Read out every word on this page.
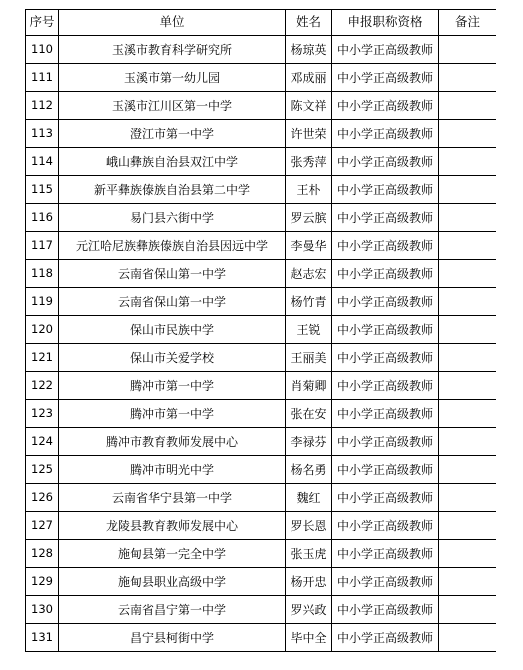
序号	单位	姓名	申报职称资格	备注
110	玉溪市教育科学研究所	杨琼英	中小学正高级教师	
111	玉溪市第一幼儿园	邓成丽	中小学正高级教师	
112	玉溪市江川区第一中学	陈文祥	中小学正高级教师	
113	澄江市第一中学	许世荣	中小学正高级教师	
114	峨山彝族自治县双江中学	张秀萍	中小学正高级教师	
115	新平彝族傣族自治县第二中学	王朴	中小学正高级教师	
116	易门县六街中学	罗云膑	中小学正高级教师	
117	元江哈尼族彝族傣族自治县因远中学	李曼华	中小学正高级教师	
118	云南省保山第一中学	赵志宏	中小学正高级教师	
119	云南省保山第一中学	杨竹青	中小学正高级教师	
120	保山市民族中学	王锐	中小学正高级教师	
121	保山市关爱学校	王丽美	中小学正高级教师	
122	腾冲市第一中学	肖菊卿	中小学正高级教师	
123	腾冲市第一中学	张在安	中小学正高级教师	
124	腾冲市教育教师发展中心	李禄芬	中小学正高级教师	
125	腾冲市明光中学	杨名勇	中小学正高级教师	
126	云南省华宁县第一中学	魏红	中小学正高级教师	
127	龙陵县教育教师发展中心	罗长恩	中小学正高级教师	
128	施甸县第一完全中学	张玉虎	中小学正高级教师	
129	施甸县职业高级中学	杨开忠	中小学正高级教师	
130	云南省昌宁第一中学	罗兴政	中小学正高级教师	
131	昌宁县柯街中学	毕中全	中小学正高级教师	
